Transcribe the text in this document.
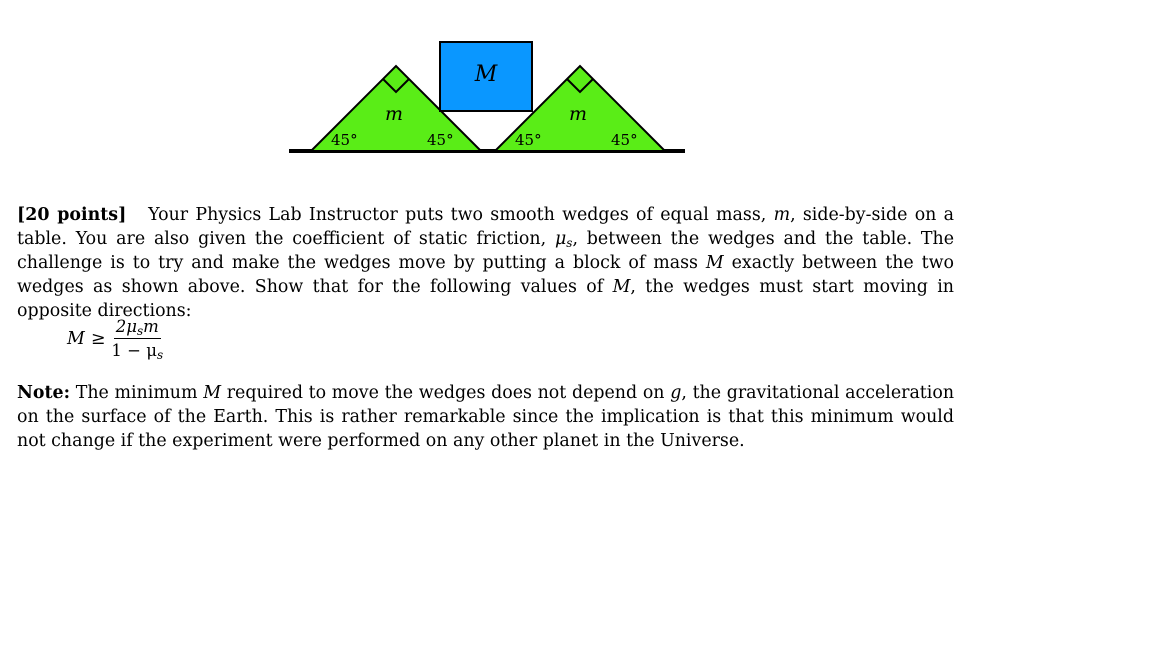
m
45°	45°
m
45°	45°
M
[20 points] Your Physics Lab Instructor puts two smooth wedges of equal mass, m, side-by-side on a table. You are also given the coefficient of static friction, $\mu_s$, between the wedges and the table. The challenge is to try and make the wedges move by putting a block of mass M exactly between the two wedges as shown above. Show that for the following values of M, the wedges must start moving in opposite directions:
$M \ge \frac{2\mu_sm}{1 - \mu_s}$
Note: The minimum M required to move the wedges does not depend on g, the gravitational acceleration on the surface of the Earth. This is rather remarkable since the implication is that this minimum would not change if the experiment were performed on any other planet in the Universe.
